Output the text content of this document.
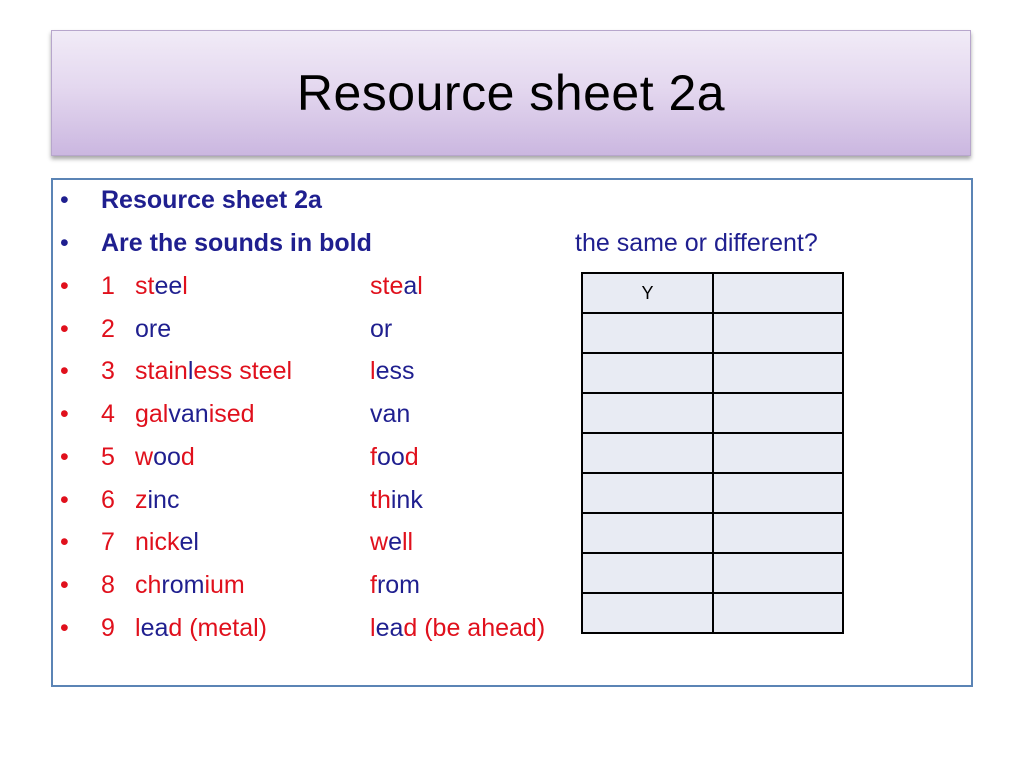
Resource sheet 2a
• Resource sheet 2a
• Are the sounds in bold	the same or different?
• 1 steel	steal
• 2 ore	or
• 3 stainless steel	less
• 4 galvanised	van
• 5 wood	food
• 6 zinc	think
• 7 nickel	well
• 8 chromium	from
• 9 lead (metal)	lead (be ahead)
Y	
